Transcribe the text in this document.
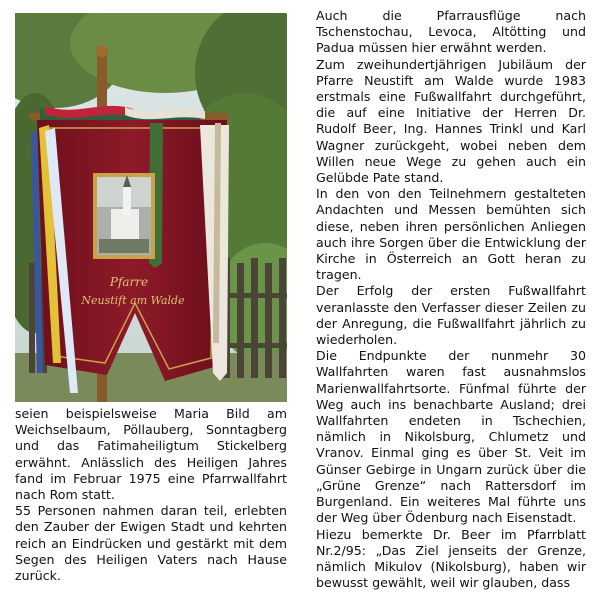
Pfarre
Neustift am Walde

seien beispielsweise Maria Bild am Weichselbaum, Pöllauberg, Sonntagberg und das Fatimaheiligtum Stickelberg erwähnt. Anlässlich des Heiligen Jahres fand im Februar 1975 eine Pfarrwallfahrt nach Rom statt.

55 Personen nahmen daran teil, erlebten den Zauber der Ewigen Stadt und kehrten reich an Eindrücken und gestärkt mit dem Segen des Heiligen Vaters nach Hause zurück.

Auch die Pfarrausflüge nach Tschenstochau, Levoca, Altötting und Padua müssen hier erwähnt werden.

Zum zweihundertjährigen Jubiläum der Pfarre Neustift am Walde wurde 1983 erstmals eine Fußwallfahrt durchgeführt, die auf eine Initiative der Herren Dr. Rudolf Beer, Ing. Hannes Trinkl und Karl Wagner zurückgeht, wobei neben dem Willen neue Wege zu gehen auch ein Gelübde Pate stand.

In den von den Teilnehmern gestalteten Andachten und Messen bemühten sich diese, neben ihren persönlichen Anliegen auch ihre Sorgen über die Entwicklung der Kirche in Österreich an Gott heran zu tragen.

Der Erfolg der ersten Fußwallfahrt veranlasste den Verfasser dieser Zeilen zu der Anregung, die Fußwallfahrt jährlich zu wiederholen.

Die Endpunkte der nunmehr 30 Wallfahrten waren fast ausnahmslos Marienwallfahrtsorte. Fünfmal führte der Weg auch ins benachbarte Ausland; drei Wallfahrten endeten in Tschechien, nämlich in Nikolsburg, Chlumetz und Vranov. Einmal ging es über St. Veit im Günser Gebirge in Ungarn zurück über die „Grüne Grenze“ nach Rattersdorf im Burgenland. Ein weiteres Mal führte uns der Weg über Ödenburg nach Eisenstadt.

Hiezu bemerkte Dr. Beer im Pfarrblatt Nr.2/95: „Das Ziel jenseits der Grenze, nämlich Mikulov (Nikolsburg), haben wir bewusst gewählt, weil wir glauben, dass
